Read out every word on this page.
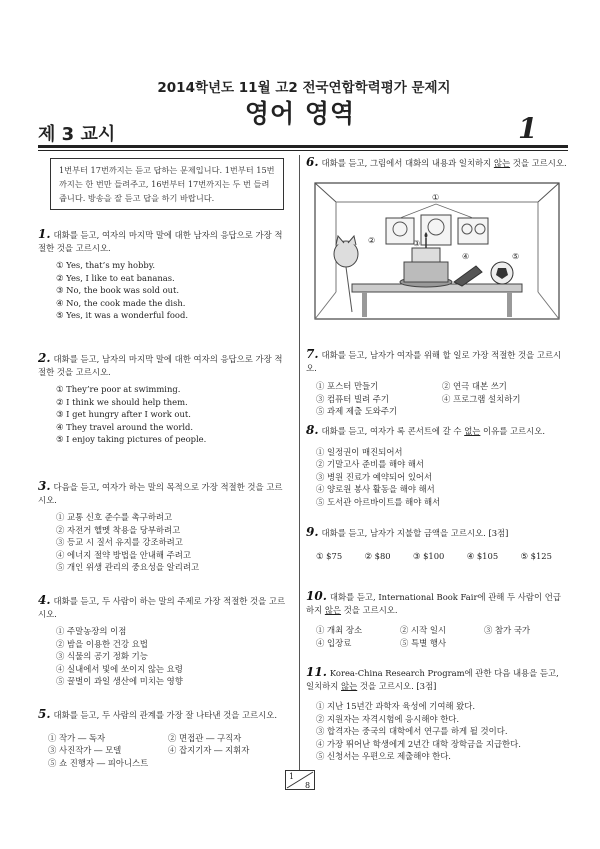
2014학년도 11월 고2 전국연합학력평가 문제지
영어 영역
제 3 교시	1
1번부터 17번까지는 듣고 답하는 문제입니다. 1번부터 15번까지는 한 번만 들려주고, 16번부터 17번까지는 두 번 들려줍니다. 방송을 잘 듣고 답을 하기 바랍니다.
1. 대화를 듣고, 여자의 마지막 말에 대한 남자의 응답으로 가장 적절한 것을 고르시오.
① Yes, that’s my hobby.
② Yes, I like to eat bananas.
③ No, the book was sold out.
④ No, the cook made the dish.
⑤ Yes, it was a wonderful food.
2. 대화를 듣고, 남자의 마지막 말에 대한 여자의 응답으로 가장 적절한 것을 고르시오.
① They’re poor at swimming.
② I think we should help them.
③ I get hungry after I work out.
④ They travel around the world.
⑤ I enjoy taking pictures of people.
3. 다음을 듣고, 여자가 하는 말의 목적으로 가장 적절한 것을 고르시오.
① 교통 신호 준수를 촉구하려고
② 자전거 헬멧 착용을 당부하려고
③ 등교 시 질서 유지를 강조하려고
④ 에너지 절약 방법을 안내해 주려고
⑤ 개인 위생 관리의 중요성을 알리려고
4. 대화를 듣고, 두 사람이 하는 말의 주제로 가장 적절한 것을 고르시오.
① 주말농장의 이점
② 밤을 이용한 건강 요법
③ 식물의 공기 정화 기능
④ 실내에서 빛에 쏘이지 않는 요령
⑤ 꿀벌이 과일 생산에 미치는 영향
5. 대화를 듣고, 두 사람의 관계를 가장 잘 나타낸 것을 고르시오.
① 작가 ― 독자	② 면접관 ― 구직자
③ 사진작가 ― 모델	④ 잡지기자 ― 지휘자
⑤ 쇼 진행자 ― 피아니스트
6. 대화를 듣고, 그림에서 대화의 내용과 일치하지 않는 것을 고르시오.
①
②	③
④	⑤
7. 대화를 듣고, 남자가 여자를 위해 할 일로 가장 적절한 것을 고르시오.
① 포스터 만들기	② 연극 대본 쓰기
③ 컴퓨터 빌려 주기	④ 프로그램 설치하기
⑤ 과제 제출 도와주기
8. 대화를 듣고, 여자가 록 콘서트에 갈 수 없는 이유를 고르시오.
① 일정권이 매진되어서
② 기말고사 준비를 해야 해서
③ 병원 진료가 예약되어 있어서
④ 양로원 봉사 활동을 해야 해서
⑤ 도서관 아르바이트를 해야 해서
9. 대화를 듣고, 남자가 지불할 금액을 고르시오. [3점]
① $75	② $80	③ $100	④ $105	⑤ $125
10. 대화를 듣고, International Book Fair에 관해 두 사람이 언급하지 않은 것을 고르시오.
① 개최 장소	② 시작 일시	③ 참가 국가
④ 입장료	⑤ 특별 행사
11. Korea-China Research Program에 관한 다음 내용을 듣고, 일치하지 않는 것을 고르시오. [3점]
① 지난 15년간 과학자 육성에 기여해 왔다.
② 지원자는 자격시험에 응시해야 한다.
③ 합격자는 중국의 대학에서 연구를 하게 될 것이다.
④ 가장 뛰어난 학생에게 2년간 대학 장학금을 지급한다.
⑤ 신청서는 우편으로 제출해야 한다.
1
8
